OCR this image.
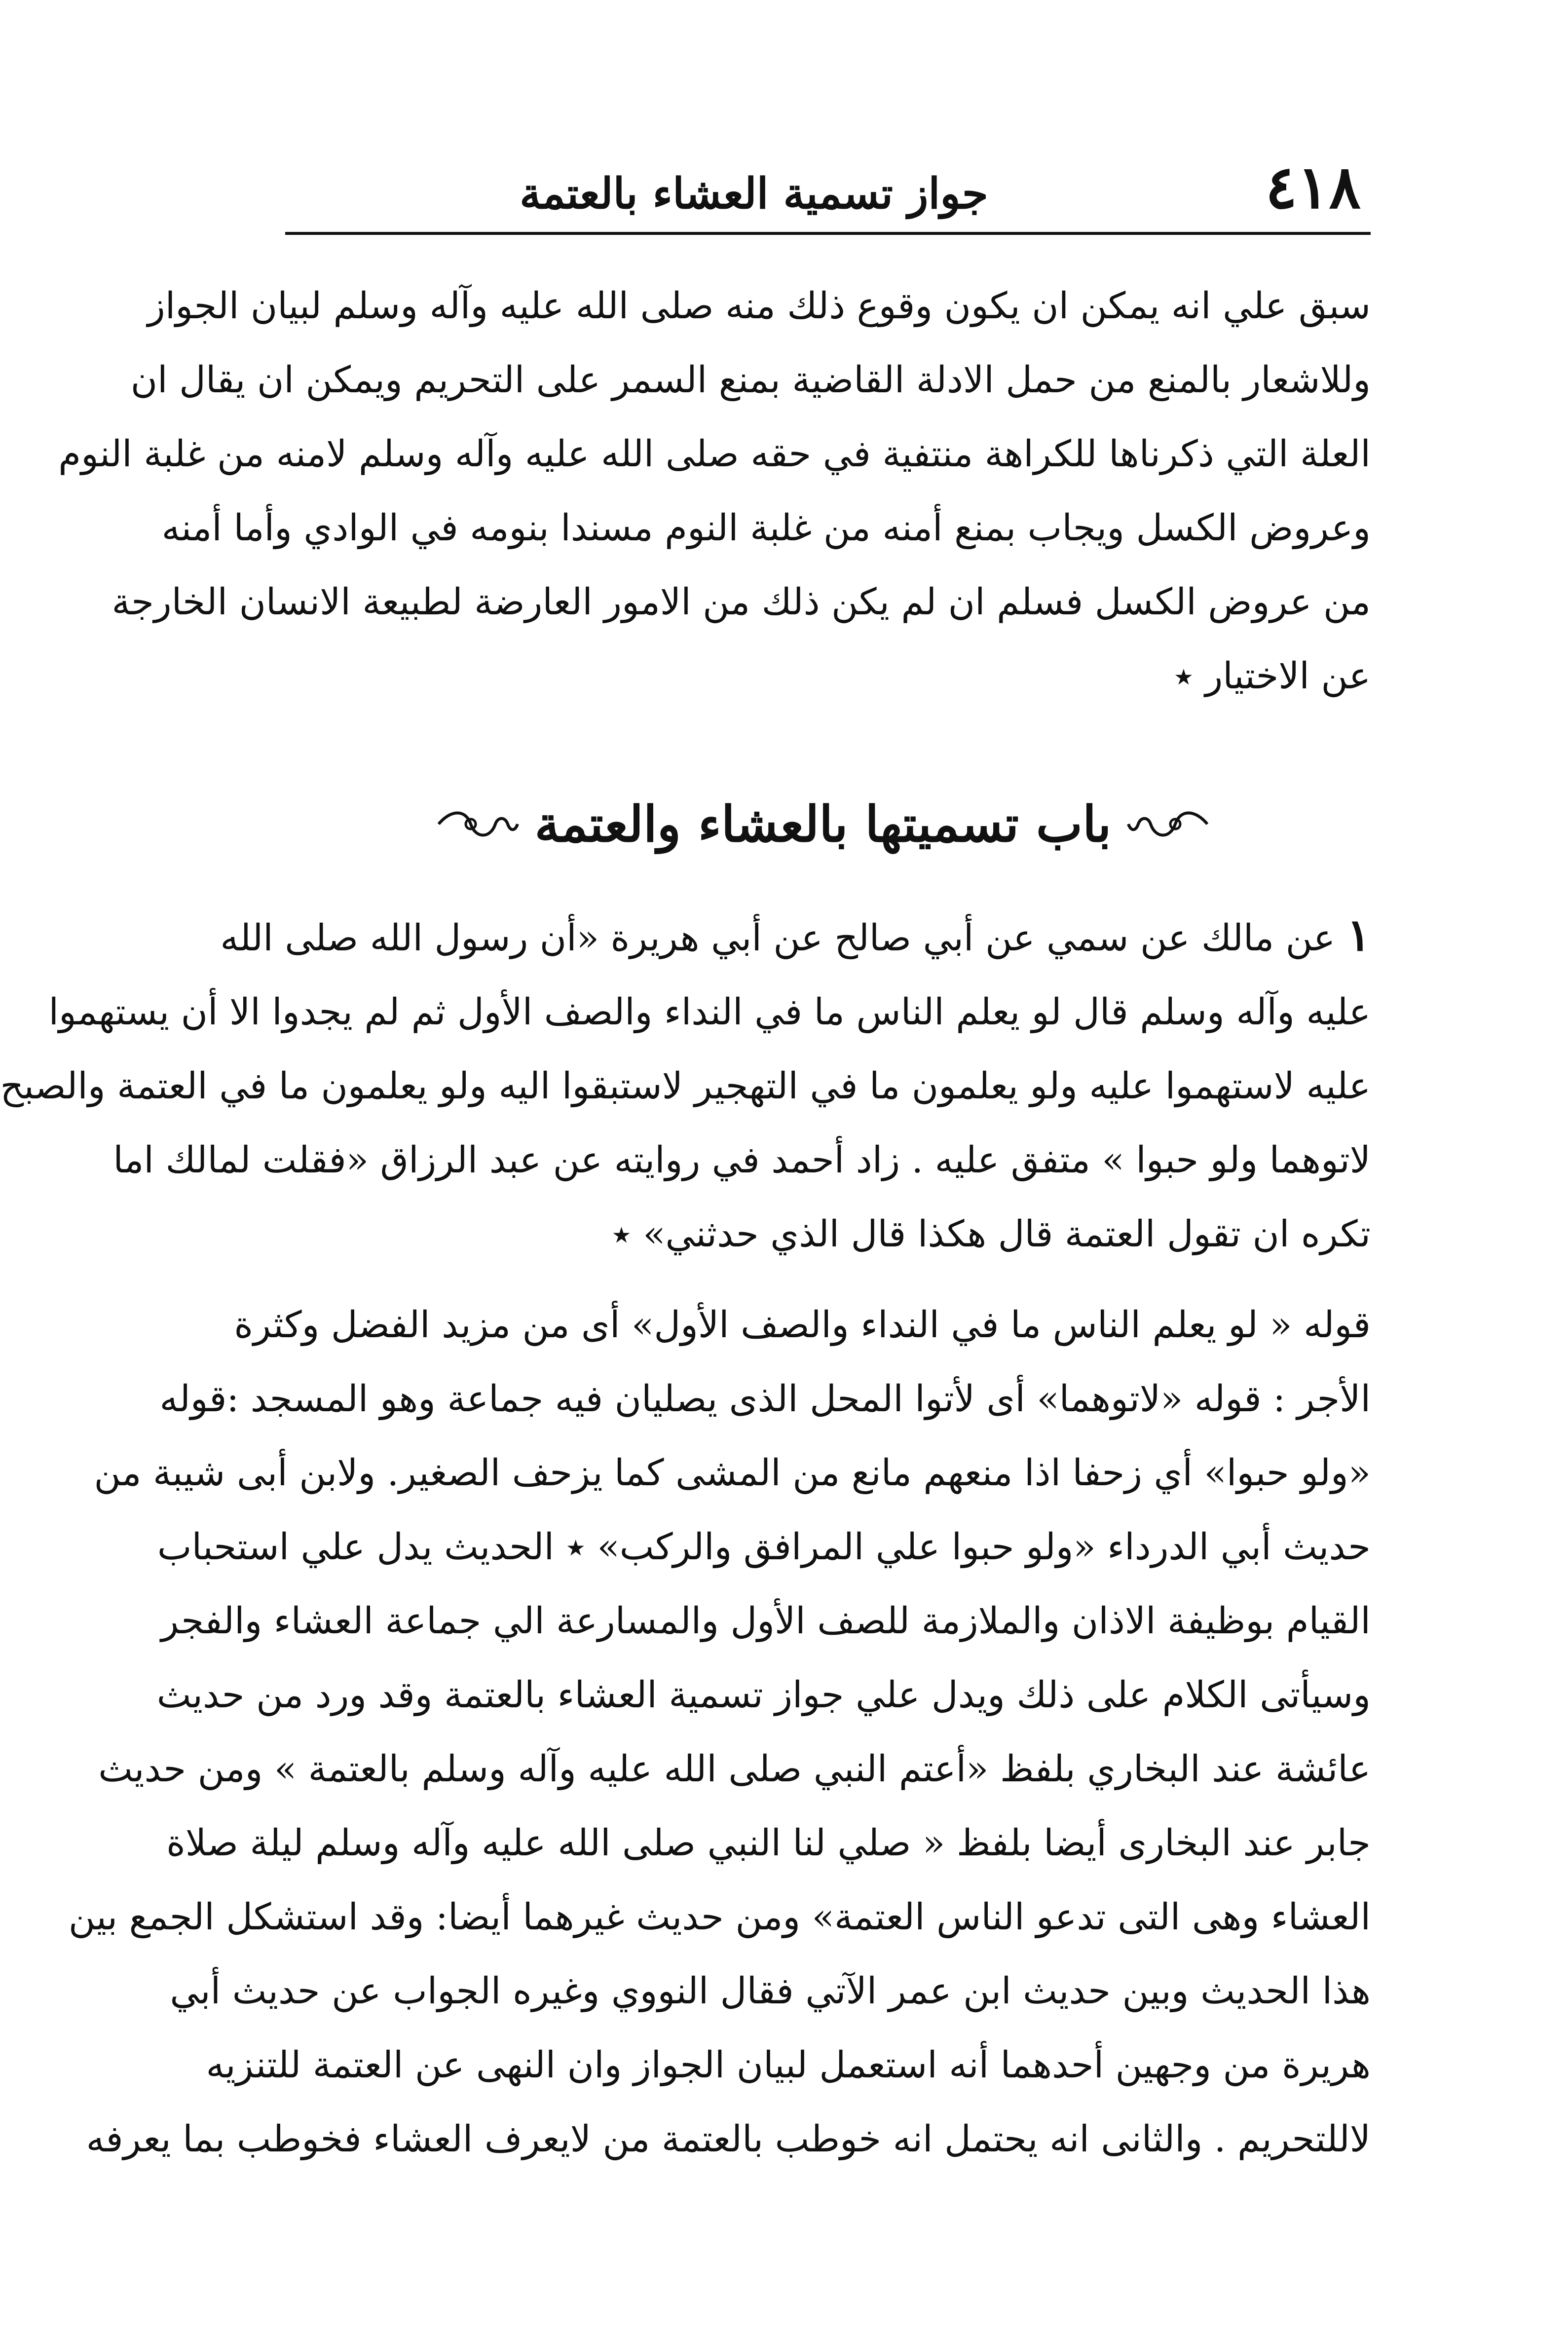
٤١٨
جواز تسمية العشاء بالعتمة
سبق علي انه يمكن ان يكون وقوع ذلك منه صلى الله عليه وآله وسلم لبيان الجواز
وللاشعار بالمنع من حمل الادلة القاضية بمنع السمر على التحريم ويمكن ان يقال ان
العلة التي ذكرناها للكراهة منتفية في حقه صلى الله عليه وآله وسلم لامنه من غلبة النوم
وعروض الكسل ويجاب بمنع أمنه من غلبة النوم مسندا بنومه في الوادي وأما أمنه
من عروض الكسل فسلم ان لم يكن ذلك من الامور العارضة لطبيعة الانسان الخارجة
عن الاختيار ٭
باب تسميتها بالعشاء والعتمة
١ عن مالك عن سمي عن أبي صالح عن أبي هريرة «أن رسول الله صلى الله
عليه وآله وسلم قال لو يعلم الناس ما في النداء والصف الأول ثم لم يجدوا الا أن يستهموا
عليه لاستهموا عليه ولو يعلمون ما في التهجير لاستبقوا اليه ولو يعلمون ما في العتمة والصبح
لاتوهما ولو حبوا » متفق عليه . زاد أحمد في روايته عن عبد الرزاق «فقلت لمالك اما
تكره ان تقول العتمة قال هكذا قال الذي حدثني» ٭
قوله « لو يعلم الناس ما في النداء والصف الأول» أى من مزيد الفضل وكثرة
الأجر : قوله «لاتوهما» أى لأتوا المحل الذى يصليان فيه جماعة وهو المسجد :قوله
«ولو حبوا» أي زحفا اذا منعهم مانع من المشى كما يزحف الصغير. ولابن أبى شيبة من
حديث أبي الدرداء «ولو حبوا علي المرافق والركب» ٭ الحديث يدل علي استحباب
القيام بوظيفة الاذان والملازمة للصف الأول والمسارعة الي جماعة العشاء والفجر
وسيأتى الكلام على ذلك ويدل علي جواز تسمية العشاء بالعتمة وقد ورد من حديث
عائشة عند البخاري بلفظ «أعتم النبي صلى الله عليه وآله وسلم بالعتمة » ومن حديث
جابر عند البخارى أيضا بلفظ « صلي لنا النبي صلى الله عليه وآله وسلم ليلة صلاة
العشاء وهى التى تدعو الناس العتمة» ومن حديث غيرهما أيضا: وقد استشكل الجمع بين
هذا الحديث وبين حديث ابن عمر الآتي فقال النووي وغيره الجواب عن حديث أبي
هريرة من وجهين أحدهما أنه استعمل لبيان الجواز وان النهى عن العتمة للتنزيه
لاللتحريم . والثانى انه يحتمل انه خوطب بالعتمة من لايعرف العشاء فخوطب بما يعرفه
